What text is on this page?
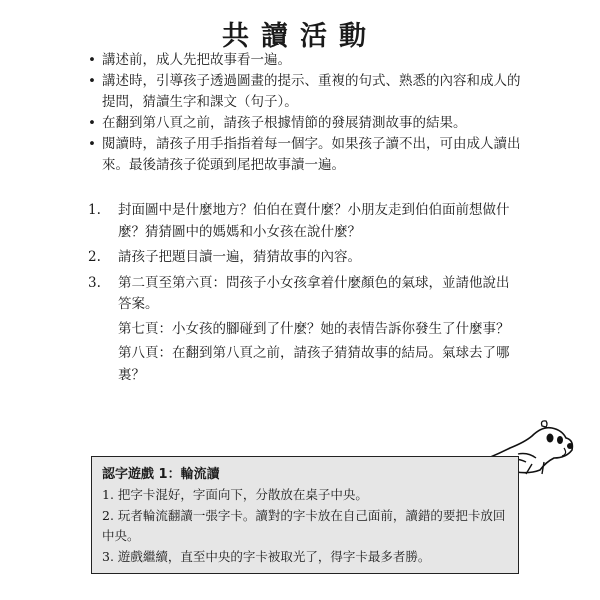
共讀活動
• 講述前，成人先把故事看一遍。
• 講述時，引導孩子透過圖畫的提示、重複的句式、熟悉的內容和成人的提問，猜讀生字和課文（句子）。
• 在翻到第八頁之前，請孩子根據情節的發展猜測故事的結果。
• 閱讀時，請孩子用手指指着每一個字。如果孩子讀不出，可由成人讀出來。最後請孩子從頭到尾把故事讀一遍。
1. 封面圖中是什麼地方？伯伯在賣什麼？小朋友走到伯伯面前想做什麼？猜猜圖中的媽媽和小女孩在說什麼？
2. 請孩子把題目讀一遍，猜猜故事的內容。
3. 第二頁至第六頁：問孩子小女孩拿着什麼顏色的氣球，並請他說出答案。
第七頁：小女孩的腳碰到了什麼？她的表情告訴你發生了什麼事？
第八頁：在翻到第八頁之前，請孩子猜猜故事的結局。氣球去了哪裏？
認字遊戲 1：輪流讀
1. 把字卡混好，字面向下，分散放在桌子中央。
2. 玩者輪流翻讀一張字卡。讀對的字卡放在自己面前，讀錯的要把卡放回中央。
3. 遊戲繼續，直至中央的字卡被取光了，得字卡最多者勝。
